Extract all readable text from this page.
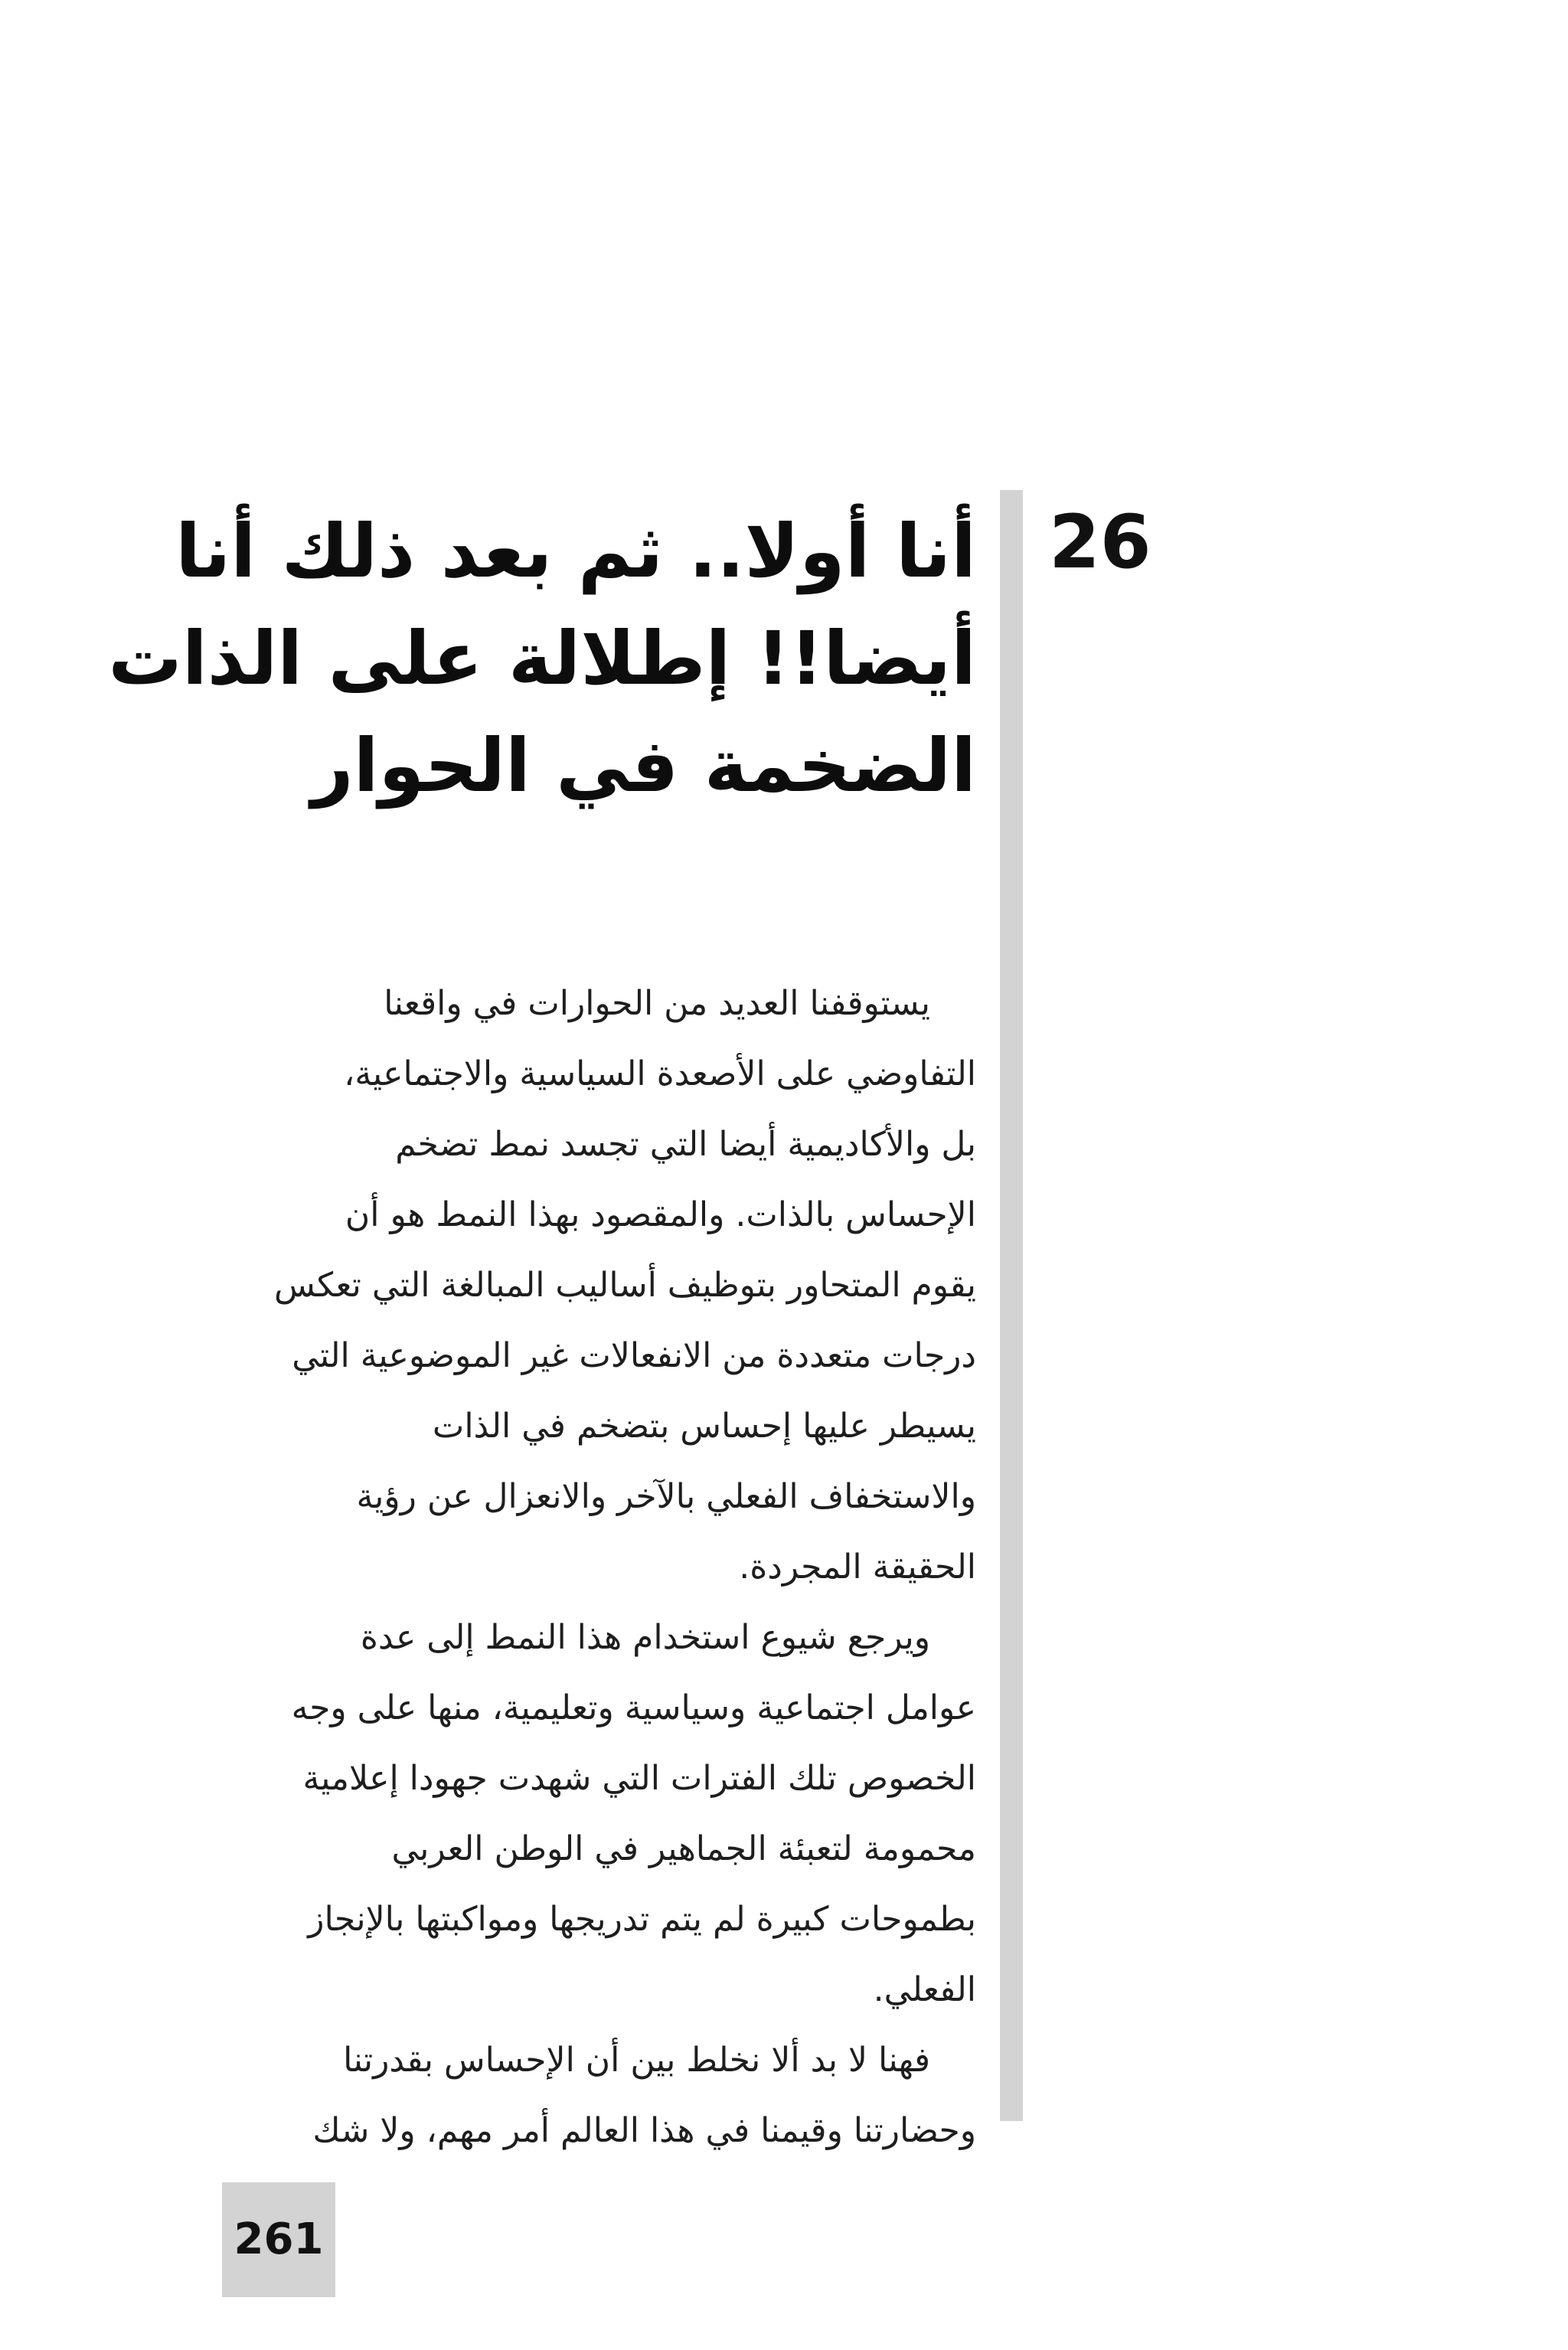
26
أنا أولا.. ثم بعد ذلك أنا
أيضا!! إطلالة على الذات
الضخمة في الحوار
يستوقفنا العديد من الحوارات في واقعنا
التفاوضي على الأصعدة السياسية والاجتماعية،
بل والأكاديمية أيضا التي تجسد نمط تضخم
الإحساس بالذات. والمقصود بهذا النمط هو أن
يقوم المتحاور بتوظيف أساليب المبالغة التي تعكس
درجات متعددة من الانفعالات غير الموضوعية التي
يسيطر عليها إحساس بتضخم في الذات
والاستخفاف الفعلي بالآخر والانعزال عن رؤية
الحقيقة المجردة.
ويرجع شيوع استخدام هذا النمط إلى عدة
عوامل اجتماعية وسياسية وتعليمية، منها على وجه
الخصوص تلك الفترات التي شهدت جهودا إعلامية
محمومة لتعبئة الجماهير في الوطن العربي
بطموحات كبيرة لم يتم تدريجها ومواكبتها بالإنجاز
الفعلي.
فهنا لا بد ألا نخلط بين أن الإحساس بقدرتنا
وحضارتنا وقيمنا في هذا العالم أمر مهم، ولا شك
261
